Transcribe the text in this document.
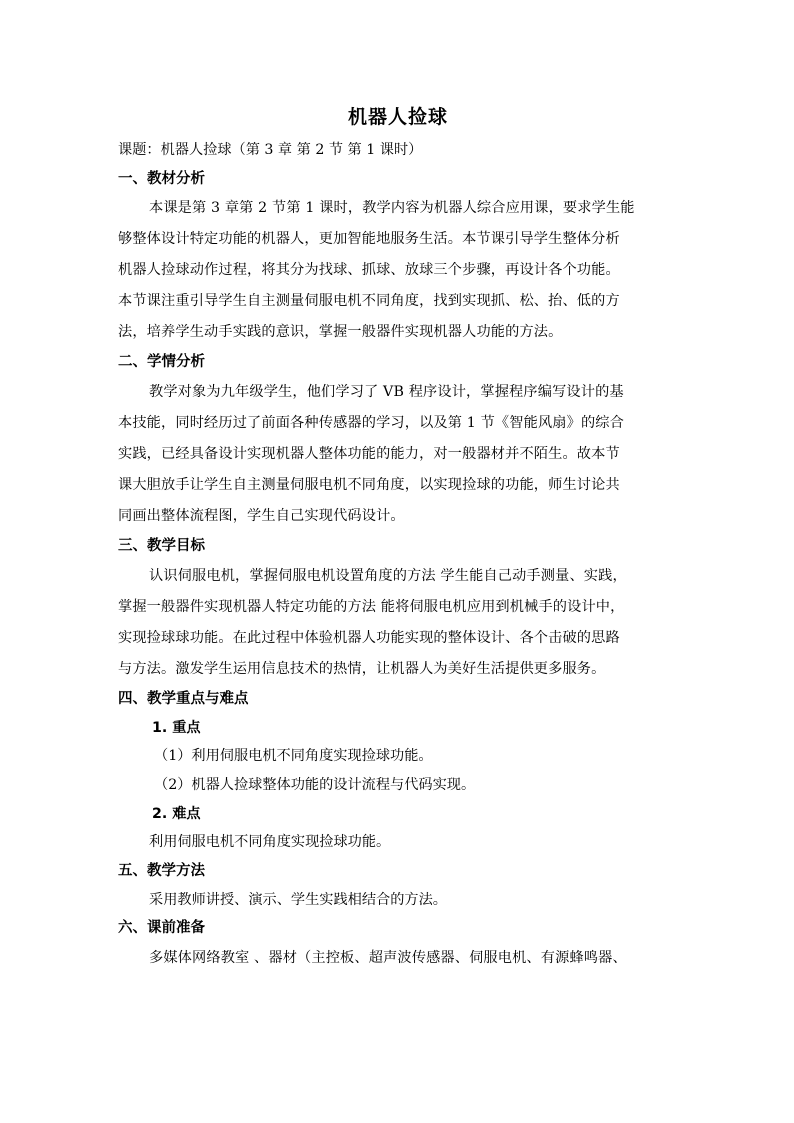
机器人捡球
课题：机器人捡球（第 3 章 第 2 节 第 1 课时）
一、教材分析
本课是第 3 章第 2 节第 1 课时，教学内容为机器人综合应用课，要求学生能
够整体设计特定功能的机器人，更加智能地服务生活。本节课引导学生整体分析
机器人捡球动作过程，将其分为找球、抓球、放球三个步骤，再设计各个功能。
本节课注重引导学生自主测量伺服电机不同角度，找到实现抓、松、抬、低的方
法，培养学生动手实践的意识，掌握一般器件实现机器人功能的方法。
二、学情分析
教学对象为九年级学生，他们学习了 VB 程序设计，掌握程序编写设计的基
本技能，同时经历过了前面各种传感器的学习，以及第 1 节《智能风扇》的综合
实践，已经具备设计实现机器人整体功能的能力，对一般器材并不陌生。故本节
课大胆放手让学生自主测量伺服电机不同角度，以实现捡球的功能，师生讨论共
同画出整体流程图，学生自己实现代码设计。
三、教学目标
认识伺服电机，掌握伺服电机设置角度的方法 学生能自己动手测量、实践，
掌握一般器件实现机器人特定功能的方法 能将伺服电机应用到机械手的设计中，
实现捡球球功能。在此过程中体验机器人功能实现的整体设计、各个击破的思路
与方法。激发学生运用信息技术的热情，让机器人为美好生活提供更多服务。
四、教学重点与难点
1. 重点
（1）利用伺服电机不同角度实现捡球功能。
（2）机器人捡球整体功能的设计流程与代码实现。
2. 难点
利用伺服电机不同角度实现捡球功能。
五、教学方法
采用教师讲授、演示、学生实践相结合的方法。
六、课前准备
多媒体网络教室 、器材（主控板、超声波传感器、伺服电机、有源蜂鸣器、
